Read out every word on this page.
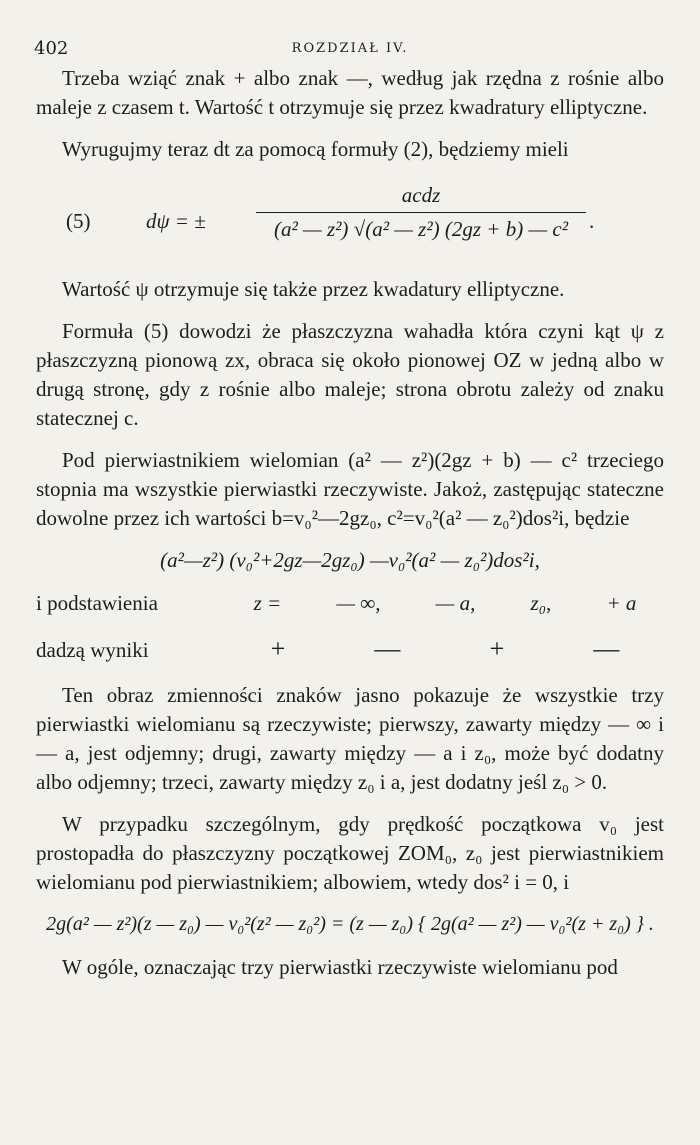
402	ROZDZIAŁ IV.

Trzeba wziąć znak + albo znak —, według jak rzędna z rośnie albo maleje z czasem t. Wartość t otrzymuje się przez kwadratury elliptyczne.

Wyrugujmy teraz dt za pomocą formuły (2), będziemy mieli

(5)	dψ = ±
acdz
(a² — z²) √(a² — z²) (2gz + b) — c²	.

Wartość ψ otrzymuje się także przez kwadatury elliptyczne.

Formuła (5) dowodzi że płaszczyzna wahadła która czyni kąt ψ z płaszczyzną pionową zx, obraca się około pionowej OZ w jedną albo w drugą stronę, gdy z rośnie albo maleje; strona obrotu zależy od znaku statecznej c.

Pod pierwiastnikiem wielomian (a² — z²)(2gz + b) — c² trzeciego stopnia ma wszystkie pierwiastki rzeczywiste. Jakoż, zastępując stateczne dowolne przez ich wartości b=v₀²—2gz₀, c²=v₀²(a² — z₀²)dos²i, będzie

(a²—z²) (v₀²+2gz—2gz₀) —v₀²(a² — z₀²)dos²i,
i podstawienia	z =	— ∞,	— a,	z₀,	+ a
dadzą wyniki	+	—	+	—

Ten obraz zmienności znaków jasno pokazuje że wszystkie trzy pierwiastki wielomianu są rzeczywiste; pierwszy, zawarty między — ∞ i — a, jest odjemny; drugi, zawarty między — a i z₀, może być dodatny albo odjemny; trzeci, zawarty między z₀ i a, jest dodatny jeśl z₀ > 0.

W przypadku szczególnym, gdy prędkość początkowa v₀ jest prostopadła do płaszczyzny początkowej ZOM₀, z₀ jest pierwiastnikiem wielomianu pod pierwiastnikiem; albowiem, wtedy dos² i = 0, i

2g(a² — z²)(z — z₀) — v₀²(z² — z₀²) = (z — z₀) { 2g(a² — z²) — v₀²(z + z₀) } .

W ogóle, oznaczając trzy pierwiastki rzeczywiste wielomianu pod
